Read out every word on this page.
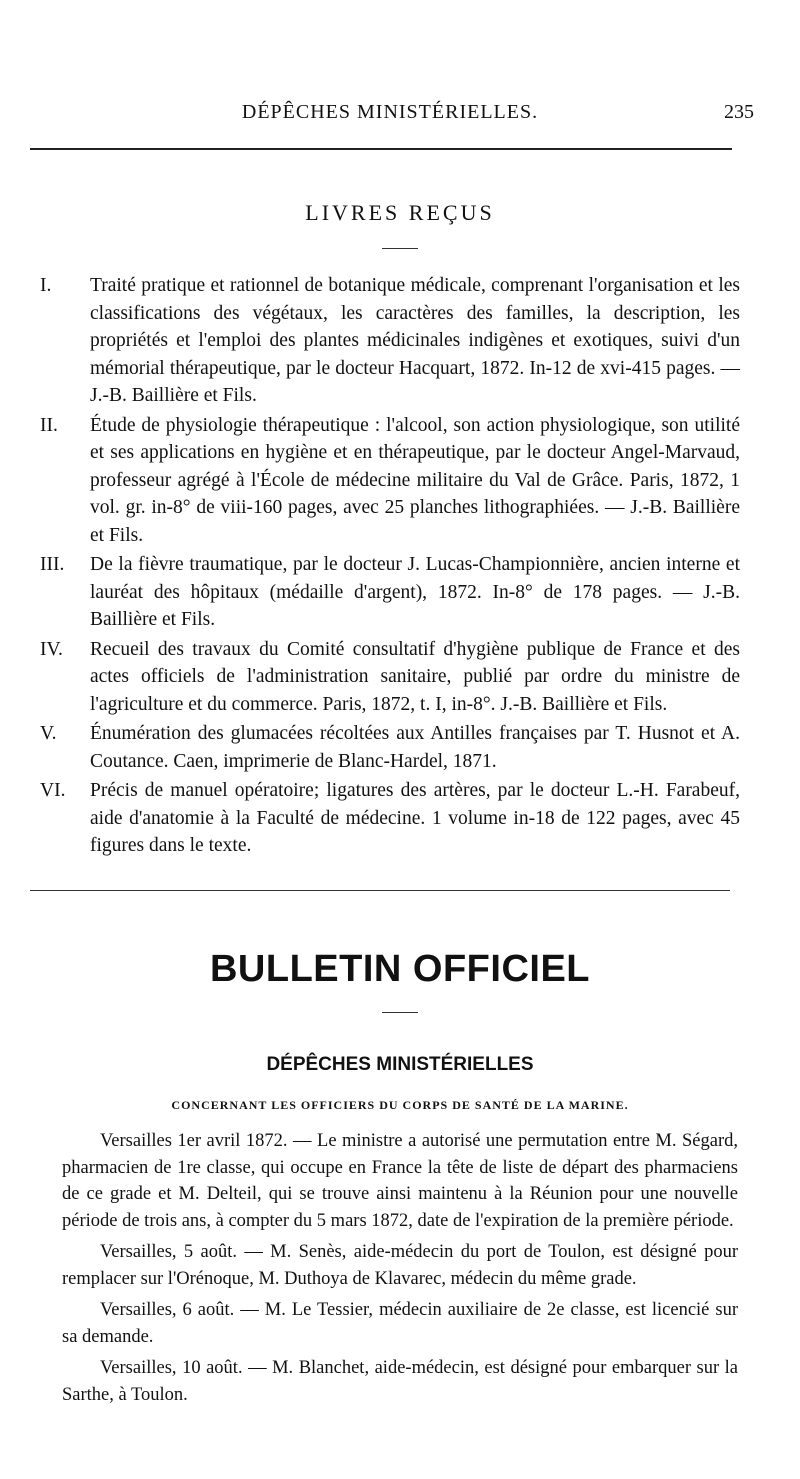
DÉPÊCHES MINISTÉRIELLES.	235
LIVRES REÇUS
I.	Traité pratique et rationnel de botanique médicale, comprenant l'organisation et les classifications des végétaux, les caractères des familles, la description, les propriétés et l'emploi des plantes médicinales indigènes et exotiques, suivi d'un mémorial thérapeutique, par le docteur Hacquart, 1872. In-12 de xvi-415 pages. — J.-B. Baillière et Fils.
II.	Étude de physiologie thérapeutique : l'alcool, son action physiologique, son utilité et ses applications en hygiène et en thérapeutique, par le docteur Angel-Marvaud, professeur agrégé à l'École de médecine militaire du Val de Grâce. Paris, 1872, 1 vol. gr. in-8° de viii-160 pages, avec 25 planches lithographiées. — J.-B. Baillière et Fils.
III.	De la fièvre traumatique, par le docteur J. Lucas-Championnière, ancien interne et lauréat des hôpitaux (médaille d'argent), 1872. In-8° de 178 pages. — J.-B. Baillière et Fils.
IV.	Recueil des travaux du Comité consultatif d'hygiène publique de France et des actes officiels de l'administration sanitaire, publié par ordre du ministre de l'agriculture et du commerce. Paris, 1872, t. I, in-8°. J.-B. Baillière et Fils.
V.	Énumération des glumacées récoltées aux Antilles françaises par T. Husnot et A. Coutance. Caen, imprimerie de Blanc-Hardel, 1871.
VI.	Précis de manuel opératoire; ligatures des artères, par le docteur L.-H. Farabeuf, aide d'anatomie à la Faculté de médecine. 1 volume in-18 de 122 pages, avec 45 figures dans le texte.
BULLETIN OFFICIEL
DÉPÊCHES MINISTÉRIELLES
CONCERNANT LES OFFICIERS DU CORPS DE SANTÉ DE LA MARINE.

Versailles 1er avril 1872. — Le ministre a autorisé une permutation entre M. Ségard, pharmacien de 1re classe, qui occupe en France la tête de liste de départ des pharmaciens de ce grade et M. Delteil, qui se trouve ainsi maintenu à la Réunion pour une nouvelle période de trois ans, à compter du 5 mars 1872, date de l'expiration de la première période.

Versailles, 5 août. — M. Senès, aide-médecin du port de Toulon, est désigné pour remplacer sur l'Orénoque, M. Duthoya de Klavarec, médecin du même grade.

Versailles, 6 août. — M. Le Tessier, médecin auxiliaire de 2e classe, est licencié sur sa demande.

Versailles, 10 août. — M. Blanchet, aide-médecin, est désigné pour embarquer sur la Sarthe, à Toulon.
